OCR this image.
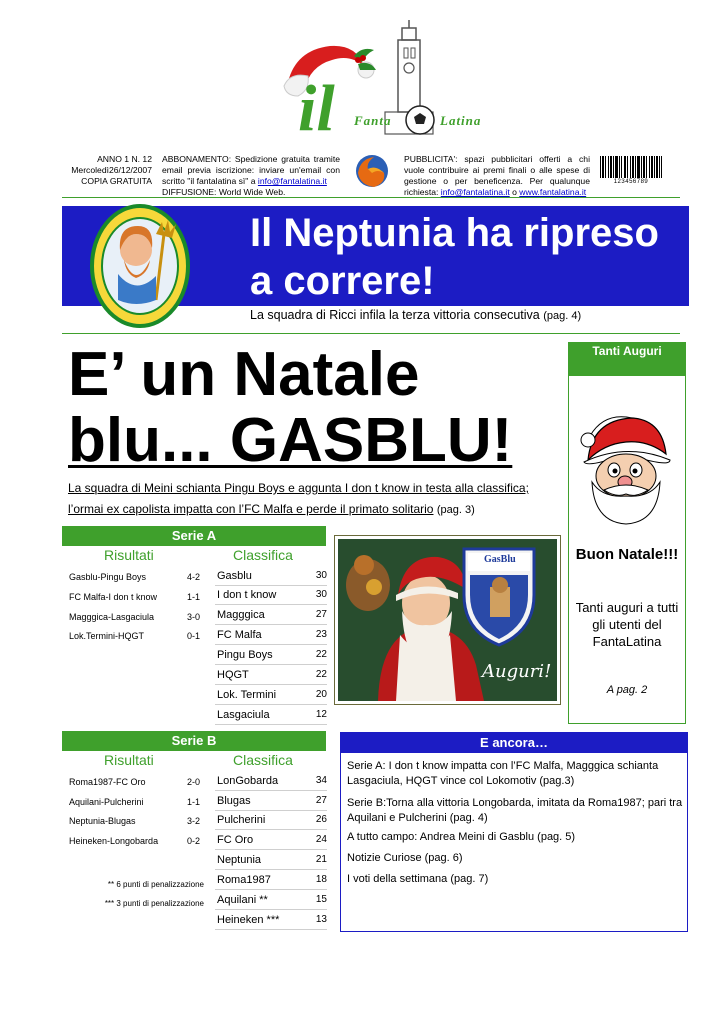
il Fanta	Latina
ANNO 1 N. 12
Mercoledì26/12/2007
COPIA GRATUITA
ABBONAMENTO: Spedizione gratuita tramite email previa iscrizione: inviare un'email con scritto "il fantalatina sì" a info@fantalatina.it
DIFFUSIONE: World Wide Web.
PUBBLICITA': spazi pubblicitari offerti a chi vuole contribuire ai premi finali o alle spese di gestione o per beneficenza. Per qualunque richiesta: info@fantalatina.it o www.fantalatina.it
123456789
Il Neptunia ha ripreso a correre!
La squadra di Ricci infila la terza vittoria consecutiva (pag. 4)
E’ un Natale
blu... GASBLU!
La squadra di Meini schianta Pingu Boys e aggunta I don t know in testa alla classifica; l’ormai ex capolista impatta con l’FC Malfa e perde il primato solitario (pag. 3)
Tanti Auguri
Buon Natale!!!
Tanti auguri a tutti gli utenti del FantaLatina
A pag. 2
Serie A
Risultati	Classifica
Gasblu-Pingu Boys	4-2
FC Malfa-I don t know	1-1
Magggica-Lasgaciula	3-0
Lok.Termini-HQGT	0-1
Gasblu	30
I don t know	30
Magggica	27
FC Malfa	23
Pingu Boys	22
HQGT	22
Lok. Termini	20
Lasgaciula	12
GasBlu
Auguri!
Serie B
Risultati	Classifica
Roma1987-FC Oro	2-0
Aquilani-Pulcherini	1-1
Neptunia-Blugas	3-2
Heineken-Longobarda	0-2
** 6 punti di penalizzazione
*** 3 punti di penalizzazione
LonGobarda	34
Blugas	27
Pulcherini	26
FC Oro	24
Neptunia	21
Roma1987	18
Aquilani **	15
Heineken ***	13
E ancora…
Serie A: I don t know impatta con l’FC Malfa, Magggica schianta Lasgaciula, HQGT vince col Lokomotiv (pag.3)
Serie B:Torna alla vittoria Longobarda, imitata da Roma1987; pari tra Aquilani e Pulcherini (pag. 4)
A tutto campo: Andrea Meini di Gasblu (pag. 5)
Notizie Curiose (pag. 6)
I voti della settimana (pag. 7)
